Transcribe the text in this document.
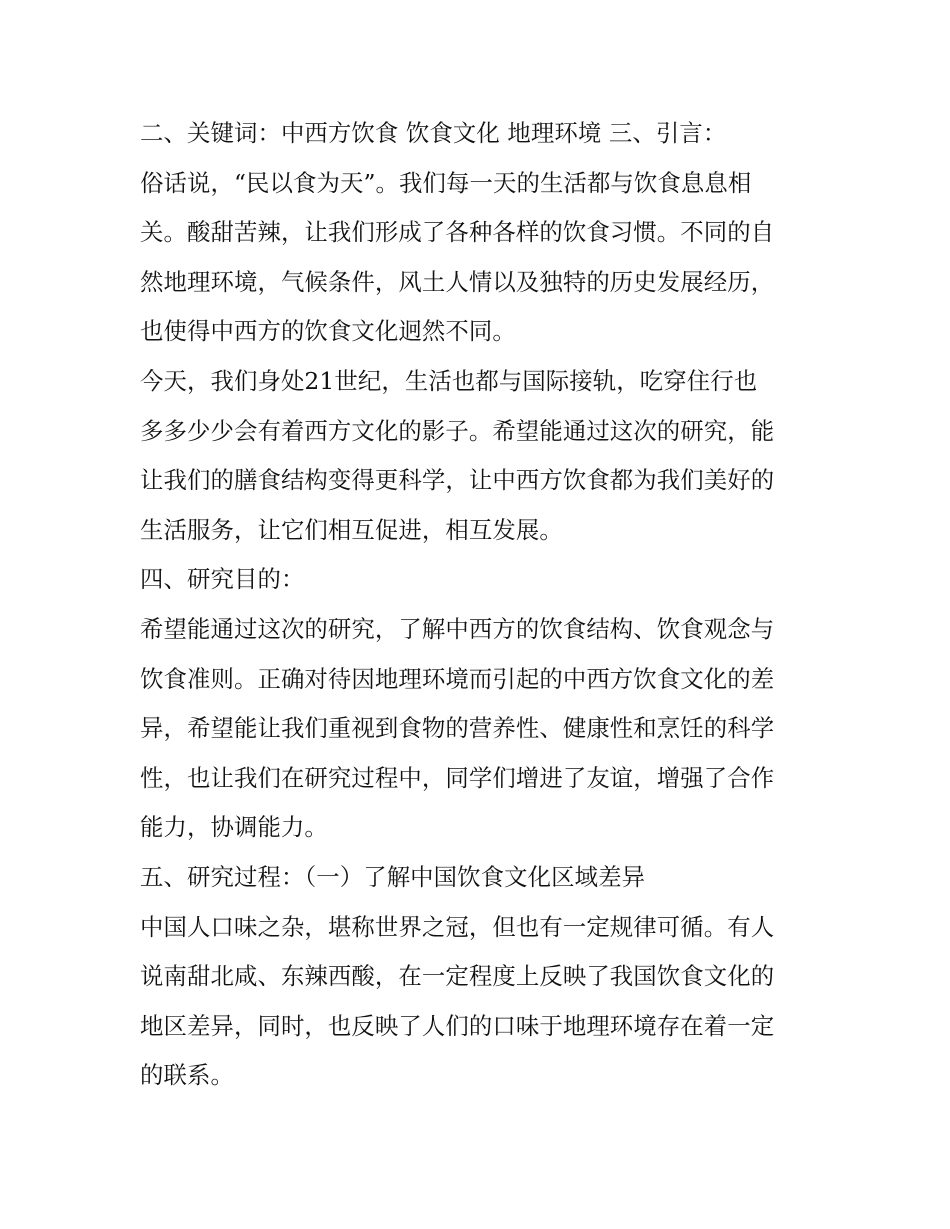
二、关键词：中西方饮食 饮食文化 地理环境 三、引言：
俗话说，“民以食为天”。我们每一天的生活都与饮食息息相
关。酸甜苦辣，让我们形成了各种各样的饮食习惯。不同的自
然地理环境，气候条件，风土人情以及独特的历史发展经历，
也使得中西方的饮食文化迥然不同。
今天，我们身处21世纪，生活也都与国际接轨，吃穿住行也
多多少少会有着西方文化的影子。希望能通过这次的研究，能
让我们的膳食结构变得更科学，让中西方饮食都为我们美好的
生活服务，让它们相互促进，相互发展。
四、研究目的：
希望能通过这次的研究，了解中西方的饮食结构、饮食观念与
饮食准则。正确对待因地理环境而引起的中西方饮食文化的差
异，希望能让我们重视到食物的营养性、健康性和烹饪的科学
性，也让我们在研究过程中，同学们增进了友谊，增强了合作
能力，协调能力。
五、研究过程：（一）了解中国饮食文化区域差异
中国人口味之杂，堪称世界之冠，但也有一定规律可循。有人
说南甜北咸、东辣西酸，在一定程度上反映了我国饮食文化的
地区差异，同时，也反映了人们的口味于地理环境存在着一定
的联系。
